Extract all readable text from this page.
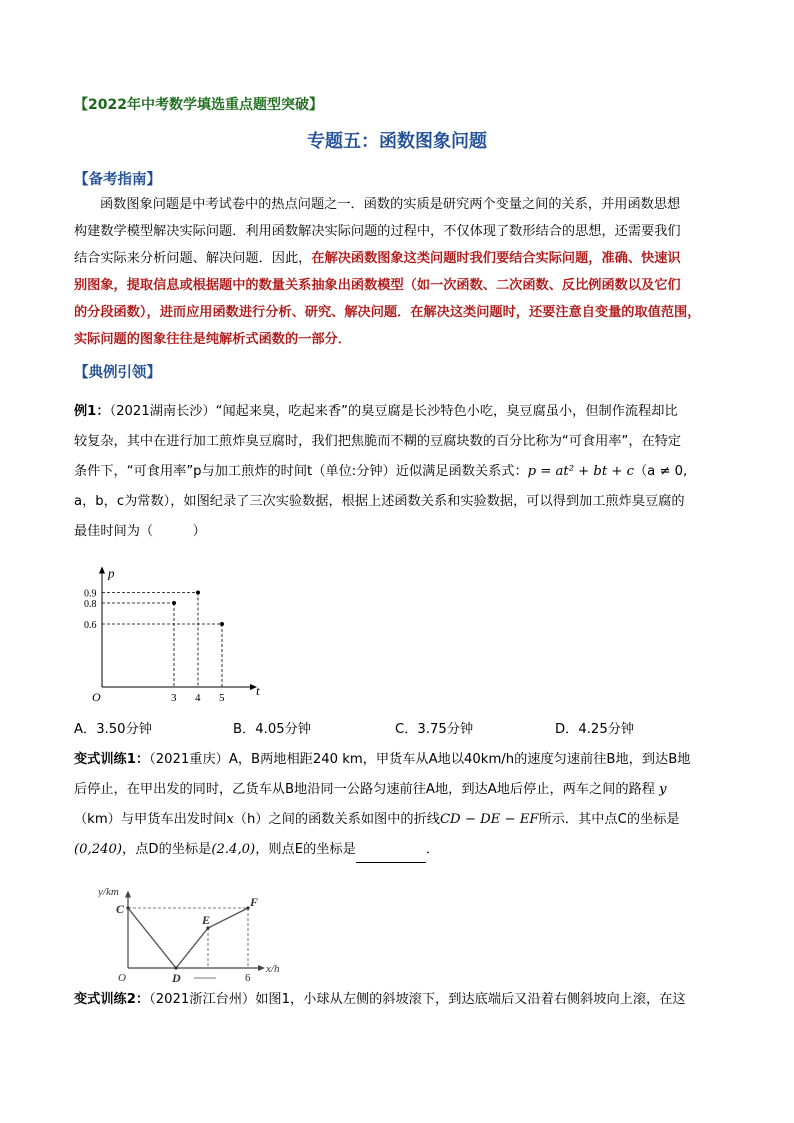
【2022年中考数学填选重点题型突破】
专题五：函数图象问题
【备考指南】

函数图象问题是中考试卷中的热点问题之一．函数的实质是研究两个变量之间的关系，并用函数思想

构建数学模型解决实际问题．利用函数解决实际问题的过程中，不仅体现了数形结合的思想，还需要我们

结合实际来分析问题、解决问题．因此，在解决函数图象这类问题时我们要结合实际问题，准确、快速识

别图象，提取信息或根据题中的数量关系抽象出函数模型（如一次函数、二次函数、反比例函数以及它们

的分段函数），进而应用函数进行分析、研究、解决问题．在解决这类问题时，还要注意自变量的取值范围，

实际问题的图象往往是纯解析式函数的一部分．

【典例引领】
例1：（2021湖南长沙）“闻起来臭，吃起来香”的臭豆腐是长沙特色小吃，臭豆腐虽小，但制作流程却比
较复杂，其中在进行加工煎炸臭豆腐时，我们把焦脆而不糊的豆腐块数的百分比称为“可食用率”，在特定
条件下，“可食用率”p与加工煎炸的时间t（单位:分钟）近似满足函数关系式：p = at² + bt + c（a ≠ 0,
a，b，c为常数），如图纪录了三次实验数据，根据上述函数关系和实验数据，可以得到加工煎炸臭豆腐的
最佳时间为（　　　）
t
p
O	3 4 5
0.9
0.8
0.6
A．3.50分钟	B．4.05分钟	C．3.75分钟	D．4.25分钟
变式训练1：（2021重庆）A，B两地相距240 km，甲货车从A地以40km/h的速度匀速前往B地，到达B地
后停止，在甲出发的同时，乙货车从B地沿同一公路匀速前往A地，到达A地后停止，两车之间的路程 y
（km）与甲货车出发时间x（h）之间的函数关系如图中的折线CD − DE − EF所示．其中点C的坐标是
(0,240)，点D的坐标是(2.4,0)，则点E的坐标是	．
x/h
y/km
O
C
D
E
F
6
变式训练2：（2021浙江台州）如图1，小球从左侧的斜坡滚下，到达底端后又沿着右侧斜坡向上滚，在这
